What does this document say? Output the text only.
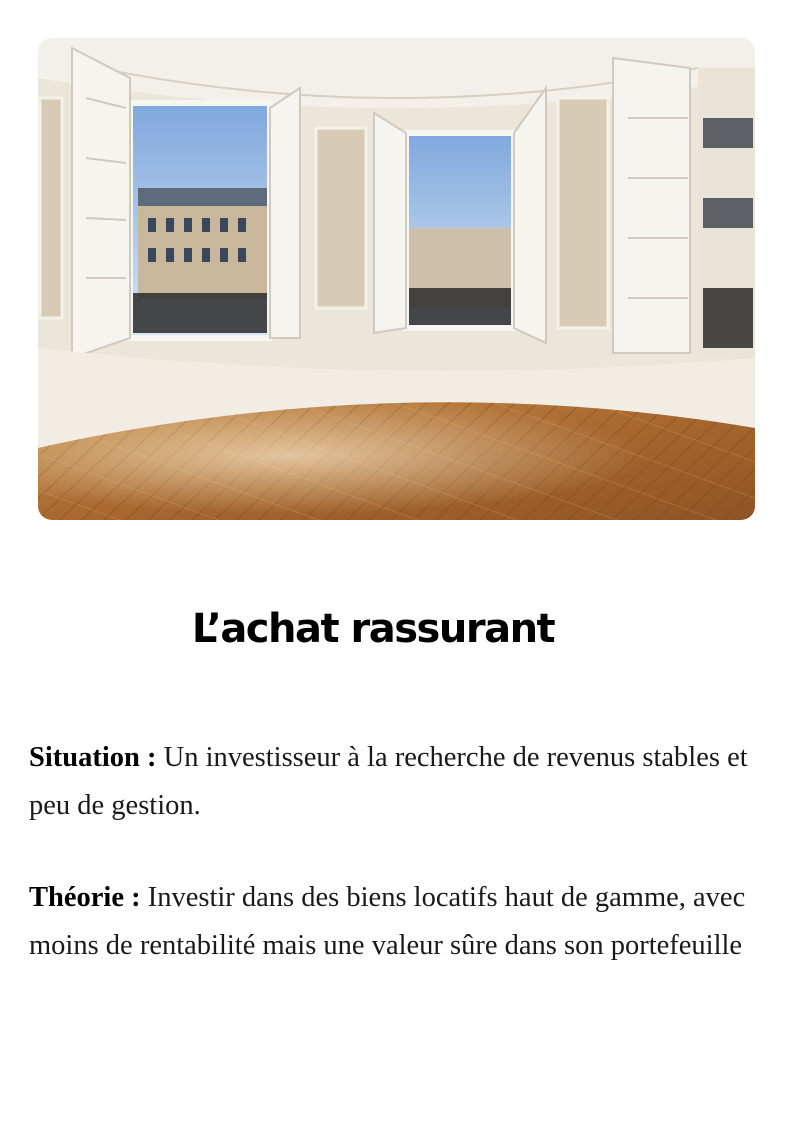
L’achat rassurant

Situation : Un investisseur à la recherche de revenus stables et peu de gestion.

Théorie : Investir dans des biens locatifs haut de gamme, avec moins de rentabilité mais une valeur sûre dans son portefeuille
